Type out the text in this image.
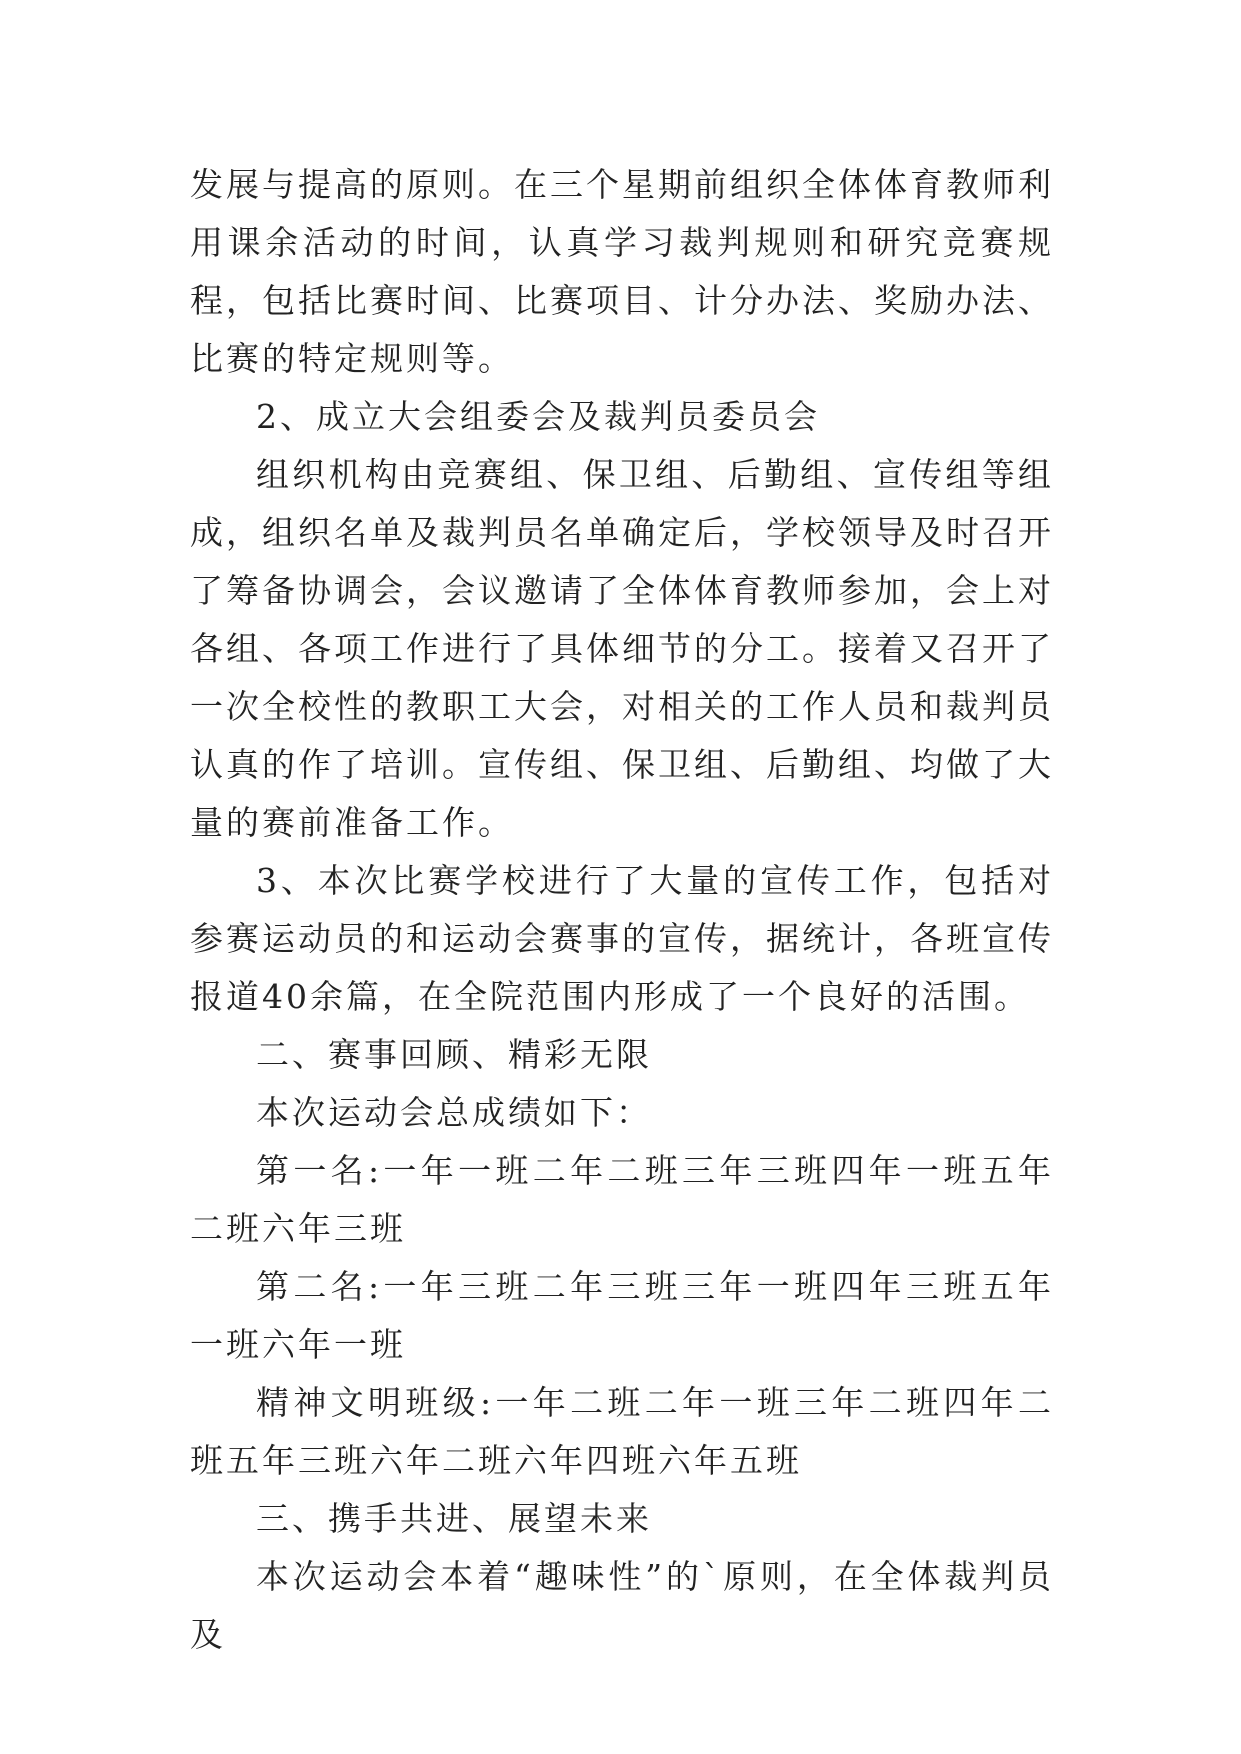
发展与提高的原则。在三个星期前组织全体体育教师利用课余活动的时间，认真学习裁判规则和研究竞赛规程，包括比赛时间、比赛项目、计分办法、奖励办法、比赛的特定规则等。

2、成立大会组委会及裁判员委员会

组织机构由竞赛组、保卫组、后勤组、宣传组等组成，组织名单及裁判员名单确定后，学校领导及时召开了筹备协调会，会议邀请了全体体育教师参加，会上对各组、各项工作进行了具体细节的分工。接着又召开了一次全校性的教职工大会，对相关的工作人员和裁判员认真的作了培训。宣传组、保卫组、后勤组、均做了大量的赛前准备工作。

3、本次比赛学校进行了大量的宣传工作，包括对参赛运动员的和运动会赛事的宣传，据统计，各班宣传报道40余篇，在全院范围内形成了一个良好的活围。

二、赛事回顾、精彩无限

本次运动会总成绩如下：

第一名:一年一班二年二班三年三班四年一班五年二班六年三班

第二名:一年三班二年三班三年一班四年三班五年一班六年一班

精神文明班级:一年二班二年一班三年二班四年二班五年三班六年二班六年四班六年五班

三、携手共进、展望未来

本次运动会本着“趣味性”的`原则，在全体裁判员及
